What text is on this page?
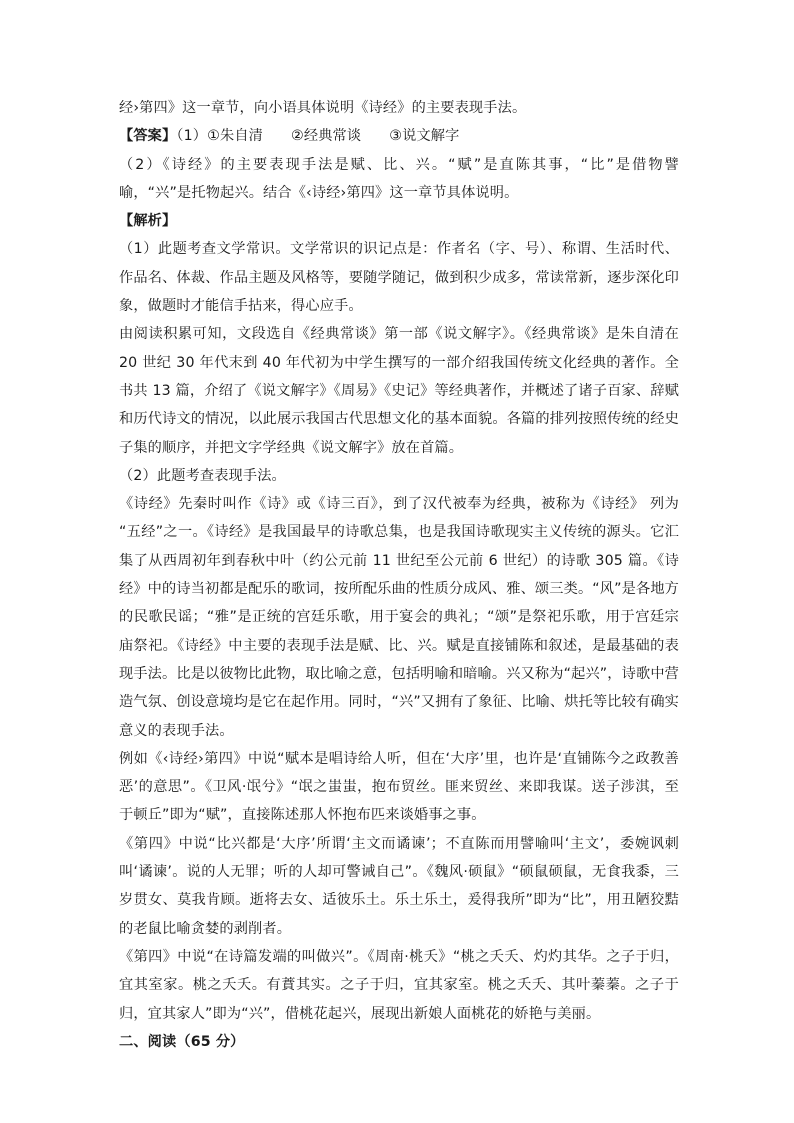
经›第四》这一章节，向小语具体说明《诗经》的主要表现手法。

【答案】（1）①朱自清 ②经典常谈 ③说文解字

（2）《诗经》的主要表现手法是赋、比、兴。“赋”是直陈其事，“比”是借物譬喻，“兴”是托物起兴。结合《‹诗经›第四》这一章节具体说明。

【解析】

（1）此题考查文学常识。文学常识的识记点是：作者名（字、号）、称谓、生活时代、作品名、体裁、作品主题及风格等，要随学随记，做到积少成多，常读常新，逐步深化印象，做题时才能信手拈来，得心应手。

由阅读积累可知，文段选自《经典常谈》第一部《说文解字》。《经典常谈》是朱自清在 20 世纪 30 年代末到 40 年代初为中学生撰写的一部介绍我国传统文化经典的著作。全书共 13 篇，介绍了《说文解字》《周易》《史记》等经典著作，并概述了诸子百家、辞赋和历代诗文的情况，以此展示我国古代思想文化的基本面貌。各篇的排列按照传统的经史子集的顺序，并把文字学经典《说文解字》放在首篇。

（2）此题考查表现手法。

《诗经》先秦时叫作《诗》或《诗三百》，到了汉代被奉为经典，被称为《诗经》 列为 “五经”之一。《诗经》是我国最早的诗歌总集，也是我国诗歌现实主义传统的源头。它汇集了从西周初年到春秋中叶（约公元前 11 世纪至公元前 6 世纪）的诗歌 305 篇。《诗经》中的诗当初都是配乐的歌词，按所配乐曲的性质分成风、雅、颂三类。“风”是各地方的民歌民谣；“雅”是正统的宫廷乐歌，用于宴会的典礼；“颂”是祭祀乐歌，用于宫廷宗庙祭祀。《诗经》中主要的表现手法是赋、比、兴。赋是直接铺陈和叙述，是最基础的表现手法。比是以彼物比此物，取比喻之意，包括明喻和暗喻。兴又称为“起兴”，诗歌中营造气氛、创设意境均是它在起作用。同时，“兴”又拥有了象征、比喻、烘托等比较有确实意义的表现手法。

例如《‹诗经›第四》中说“赋本是唱诗给人听，但在‘大序’里，也许是‘直铺陈今之政教善恶’的意思”。《卫风·氓兮》“氓之蚩蚩，抱布贸丝。匪来贸丝、来即我谋。送子涉淇，至于顿丘”即为“赋”，直接陈述那人怀抱布匹来谈婚事之事。

《第四》中说“比兴都是‘大序’所谓‘主文而谲谏’；不直陈而用譬喻叫‘主文’，委婉讽刺叫‘谲谏’。说的人无罪；听的人却可警诫自己”。《魏风·硕鼠》“硕鼠硕鼠，无食我黍，三岁贯女、莫我肯顾。逝将去女、适彼乐土。乐土乐土，爰得我所”即为“比”，用丑陋狡黠的老鼠比喻贪婪的剥削者。

《第四》中说“在诗篇发端的叫做兴”。《周南·桃夭》“桃之夭夭、灼灼其华。之子于归，宜其室家。桃之夭夭。有蕡其实。之子于归，宜其家室。桃之夭夭、其叶蓁蓁。之子于归，宜其家人”即为“兴”，借桃花起兴，展现出新娘人面桃花的娇艳与美丽。

二、阅读（65 分）
